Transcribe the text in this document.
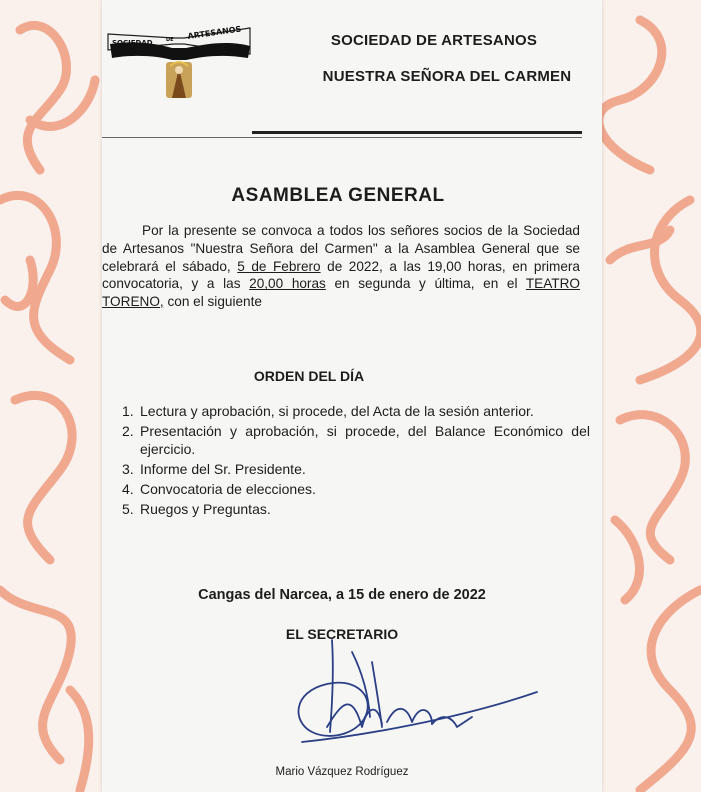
SOCIEDAD	DE ARTESANOS	SOCIEDAD DE ARTESANOS
NUESTRA SEÑORA DEL CARMEN
ASAMBLEA GENERAL
Por la presente se convoca a todos los señores socios de la Sociedad de Artesanos "Nuestra Señora del Carmen" a la Asamblea General que se celebrará el sábado, 5 de Febrero de 2022, a las 19,00 horas, en primera convocatoria, y a las 20,00 horas en segunda y última, en el TEATRO TORENO, con el siguiente
ORDEN DEL DÍA
1. Lectura y aprobación, si procede, del Acta de la sesión anterior.
2. Presentación y aprobación, si procede, del Balance Económico del ejercicio.
3. Informe del Sr. Presidente.
4. Convocatoria de elecciones.
5. Ruegos y Preguntas.
Cangas del Narcea, a 15 de enero de 2022
EL SECRETARIO
Mario Vázquez Rodríguez
